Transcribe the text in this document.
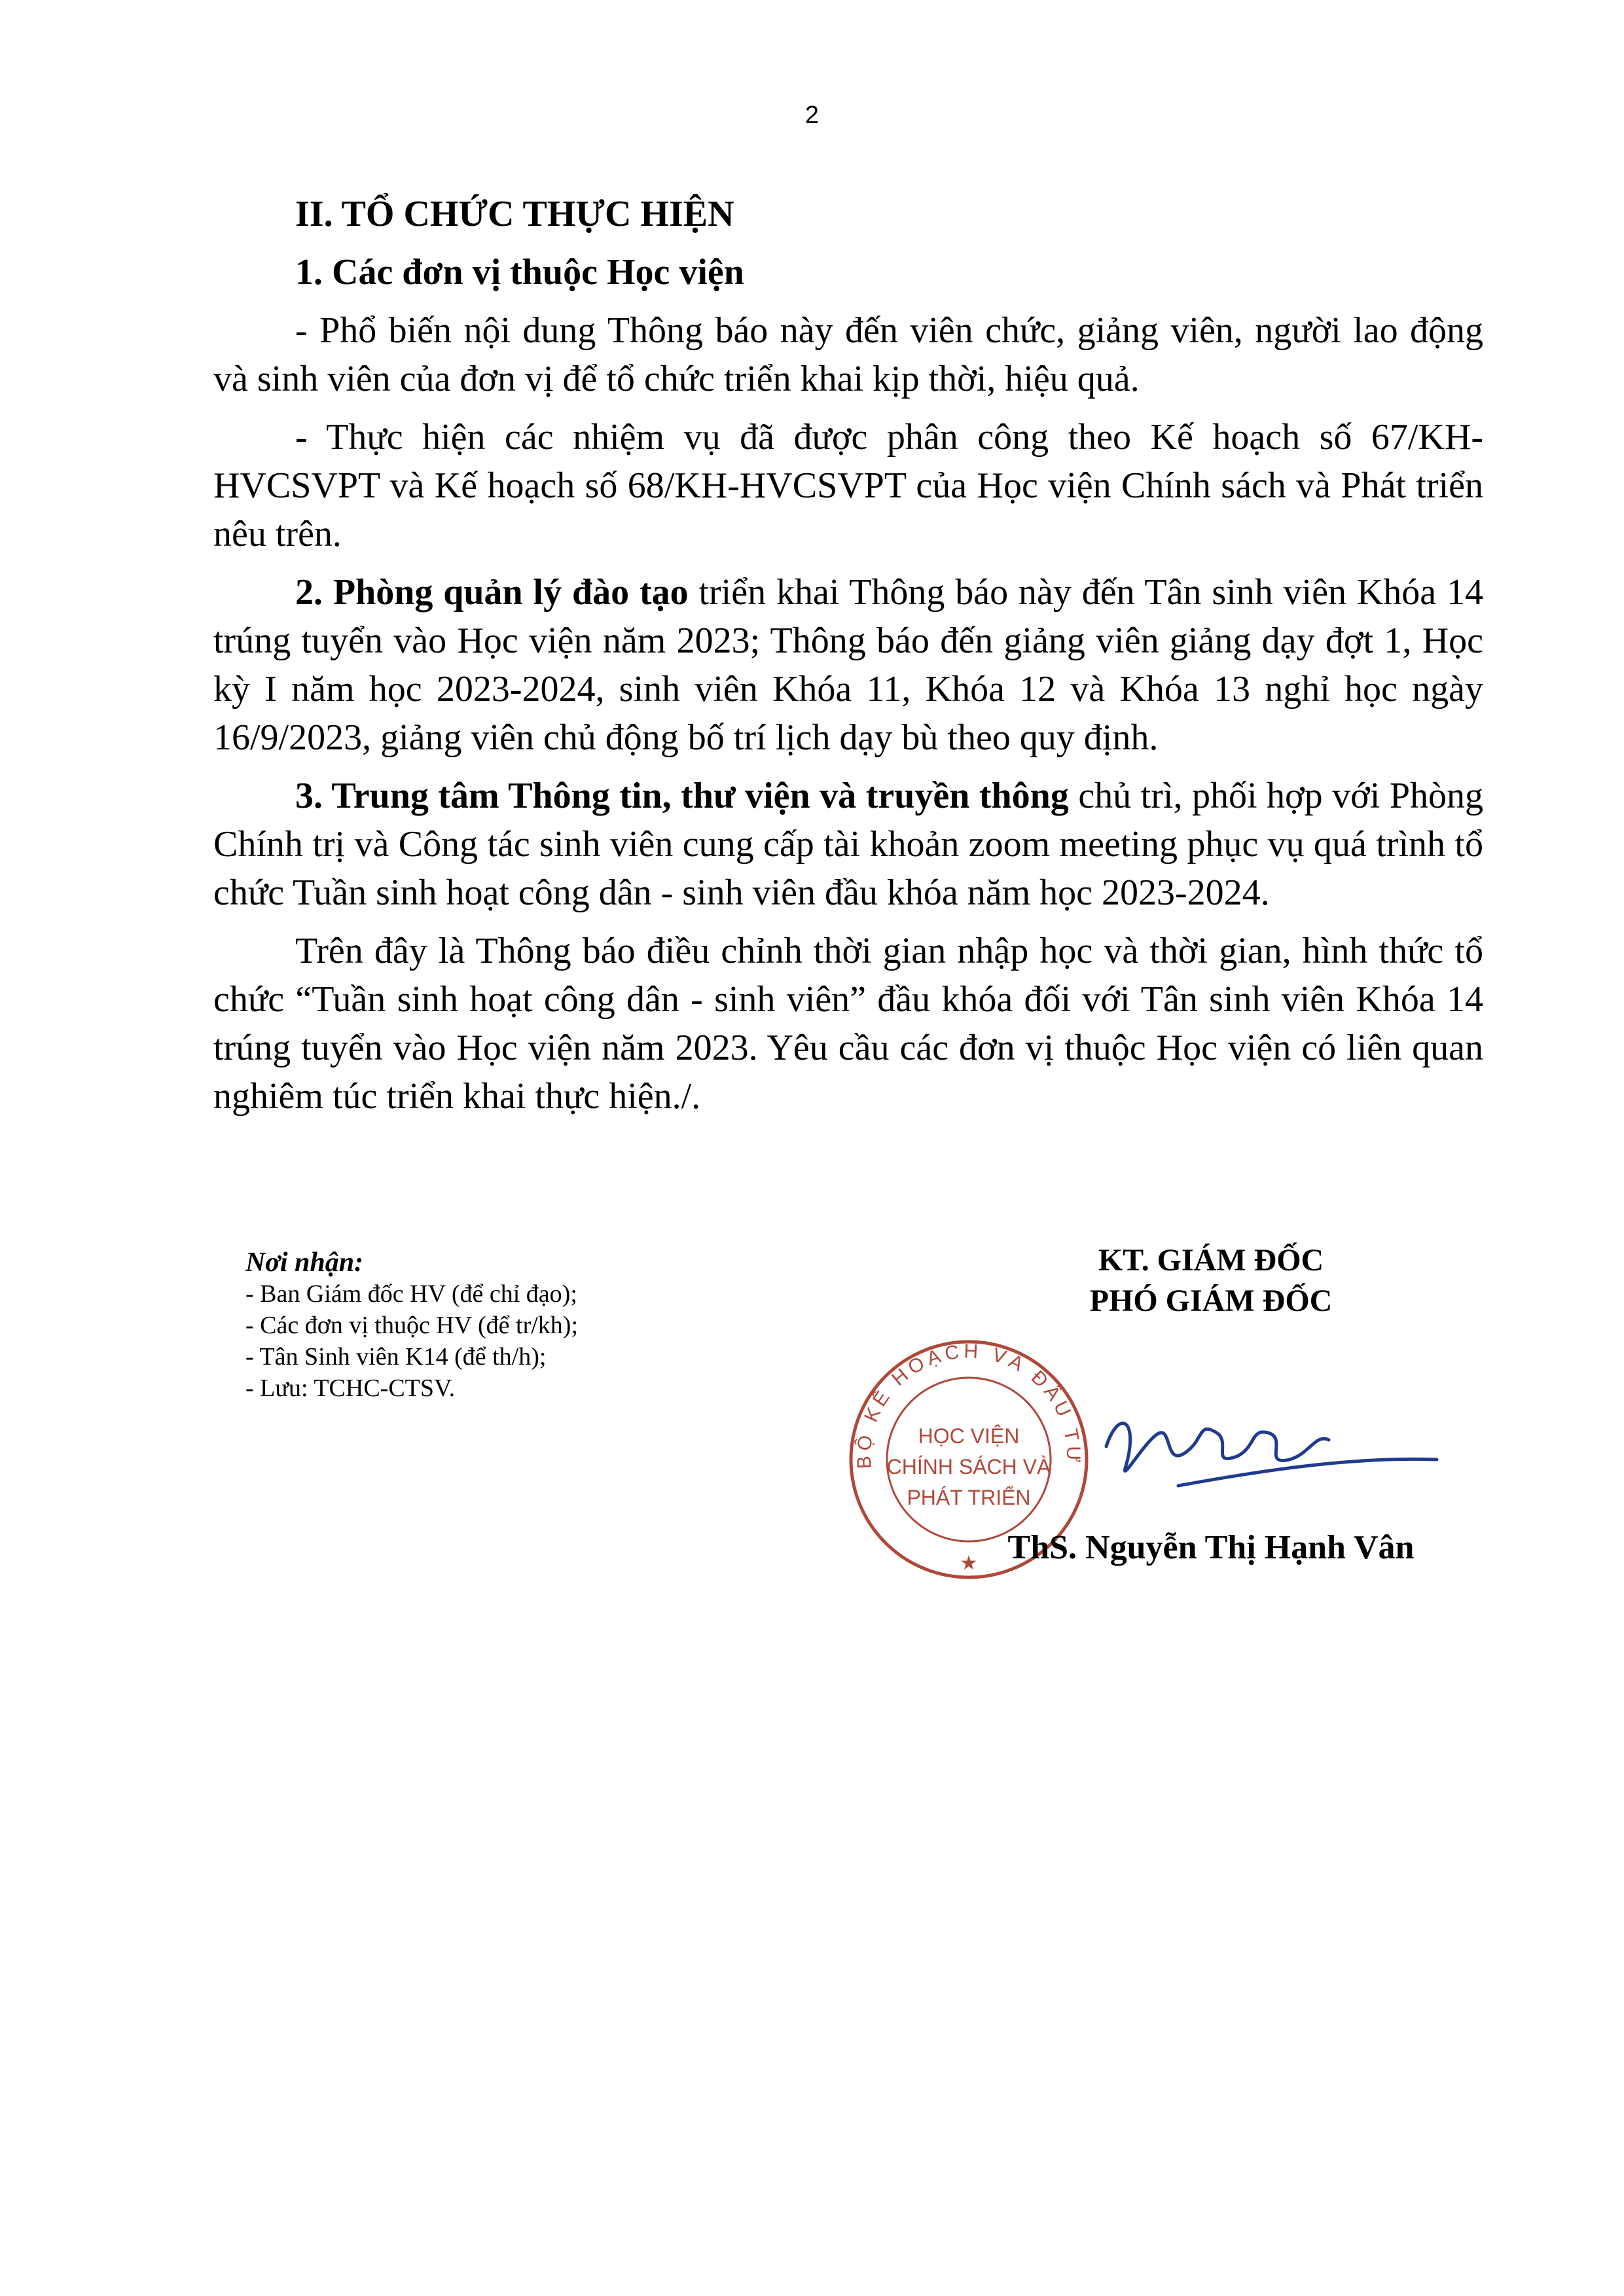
2

II. TỔ CHỨC THỰC HIỆN

1. Các đơn vị thuộc Học viện

- Phổ biến nội dung Thông báo này đến viên chức, giảng viên, người lao động và sinh viên của đơn vị để tổ chức triển khai kịp thời, hiệu quả.

- Thực hiện các nhiệm vụ đã được phân công theo Kế hoạch số 67/KH-HVCSVPT và Kế hoạch số 68/KH-HVCSVPT của Học viện Chính sách và Phát triển nêu trên.

2. Phòng quản lý đào tạo triển khai Thông báo này đến Tân sinh viên Khóa 14 trúng tuyển vào Học viện năm 2023; Thông báo đến giảng viên giảng dạy đợt 1, Học kỳ I năm học 2023-2024, sinh viên Khóa 11, Khóa 12 và Khóa 13 nghỉ học ngày 16/9/2023, giảng viên chủ động bố trí lịch dạy bù theo quy định.

3. Trung tâm Thông tin, thư viện và truyền thông chủ trì, phối hợp với Phòng Chính trị và Công tác sinh viên cung cấp tài khoản zoom meeting phục vụ quá trình tổ chức Tuần sinh hoạt công dân - sinh viên đầu khóa năm học 2023-2024.

Trên đây là Thông báo điều chỉnh thời gian nhập học và thời gian, hình thức tổ chức “Tuần sinh hoạt công dân - sinh viên” đầu khóa đối với Tân sinh viên Khóa 14 trúng tuyển vào Học viện năm 2023. Yêu cầu các đơn vị thuộc Học viện có liên quan nghiêm túc triển khai thực hiện./.

Nơi nhận:
- Ban Giám đốc HV (để chỉ đạo);
- Các đơn vị thuộc HV (để tr/kh);
- Tân Sinh viên K14 (để th/h);
- Lưu: TCHC-CTSV.
KT. GIÁM ĐỐC
PHÓ GIÁM ĐỐC
BỘ KẾ HOẠCH VÀ ĐẦU TƯ
HỌC VIỆN
CHÍNH SÁCH VÀ
PHÁT TRIỂN
★ ThS. Nguyễn Thị Hạnh Vân
